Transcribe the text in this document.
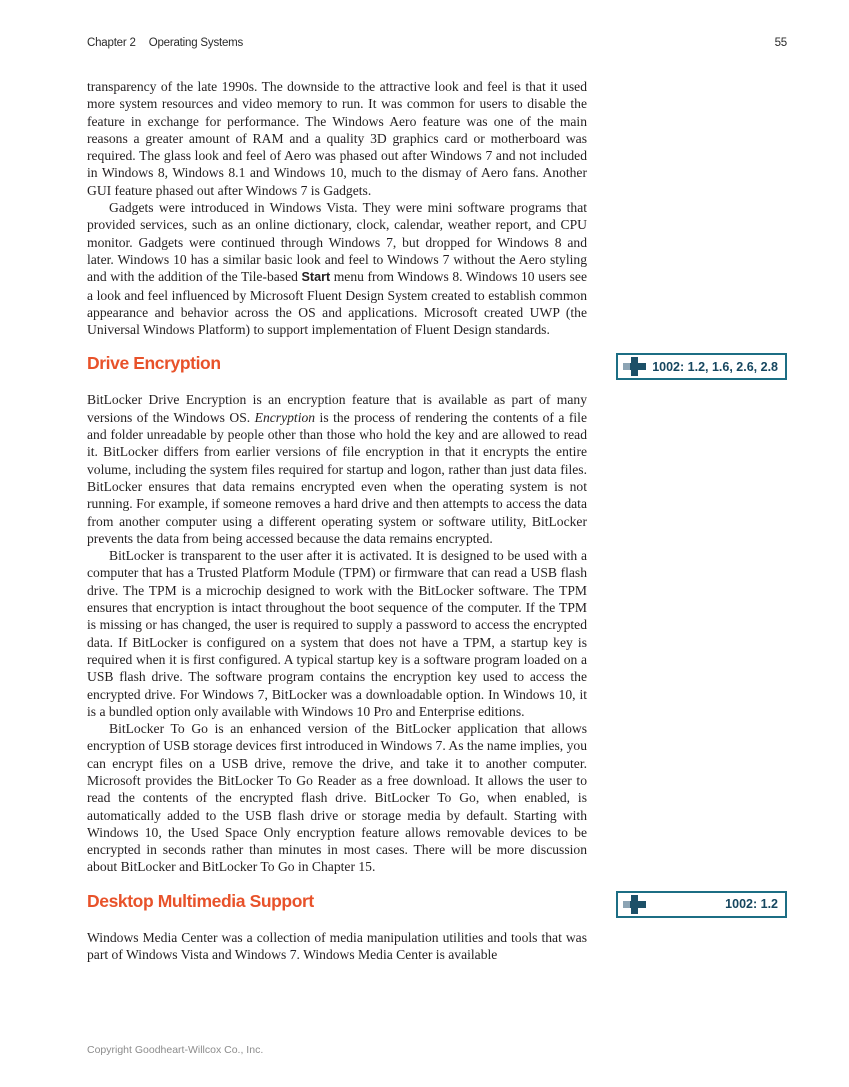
Chapter 2 Operating Systems	55

transparency of the late 1990s. The downside to the attractive look and feel is that it used more system resources and video memory to run. It was common for users to disable the feature in exchange for performance. The Windows Aero feature was one of the main reasons a greater amount of RAM and a quality 3D graphics card or motherboard was required. The glass look and feel of Aero was phased out after Windows 7 and not included in Windows 8, Windows 8.1 and Windows 10, much to the dismay of Aero fans. Another GUI feature phased out after Windows 7 is Gadgets.

Gadgets were introduced in Windows Vista. They were mini software programs that provided services, such as an online dictionary, clock, calendar, weather report, and CPU monitor. Gadgets were continued through Windows 7, but dropped for Windows 8 and later. Windows 10 has a similar basic look and feel to Windows 7 without the Aero styling and with the addition of the Tile-based Start menu from Windows 8. Windows 10 users see a look and feel influenced by Microsoft Fluent Design System created to establish common appearance and behavior across the OS and applications. Microsoft created UWP (the Universal Windows Platform) to support implementation of Fluent Design standards.

Drive Encryption	1002: 1.2, 1.6, 2.6, 2.8

BitLocker Drive Encryption is an encryption feature that is available as part of many versions of the Windows OS. Encryption is the process of rendering the contents of a file and folder unreadable by people other than those who hold the key and are allowed to read it. BitLocker differs from earlier versions of file encryption in that it encrypts the entire volume, including the system files required for startup and logon, rather than just data files. BitLocker ensures that data remains encrypted even when the operating system is not running. For example, if someone removes a hard drive and then attempts to access the data from another computer using a different operating system or software utility, BitLocker prevents the data from being accessed because the data remains encrypted.

BitLocker is transparent to the user after it is activated. It is designed to be used with a computer that has a Trusted Platform Module (TPM) or firmware that can read a USB flash drive. The TPM is a microchip designed to work with the BitLocker software. The TPM ensures that encryption is intact throughout the boot sequence of the computer. If the TPM is missing or has changed, the user is required to supply a password to access the encrypted data. If BitLocker is configured on a system that does not have a TPM, a startup key is required when it is first configured. A typical startup key is a software program loaded on a USB flash drive. The software program contains the encryption key used to access the encrypted drive. For Windows 7, BitLocker was a downloadable option. In Windows 10, it is a bundled option only available with Windows 10 Pro and Enterprise editions.

BitLocker To Go is an enhanced version of the BitLocker application that allows encryption of USB storage devices first introduced in Windows 7. As the name implies, you can encrypt files on a USB drive, remove the drive, and take it to another computer. Microsoft provides the BitLocker To Go Reader as a free download. It allows the user to read the contents of the encrypted flash drive. BitLocker To Go, when enabled, is automatically added to the USB flash drive or storage media by default. Starting with Windows 10, the Used Space Only encryption feature allows removable devices to be encrypted in seconds rather than minutes in most cases. There will be more discussion about BitLocker and BitLocker To Go in Chapter 15.

Desktop Multimedia Support	1002: 1.2

Windows Media Center was a collection of media manipulation utilities and tools that was part of Windows Vista and Windows 7. Windows Media Center is available

Copyright Goodheart-Willcox Co., Inc.
